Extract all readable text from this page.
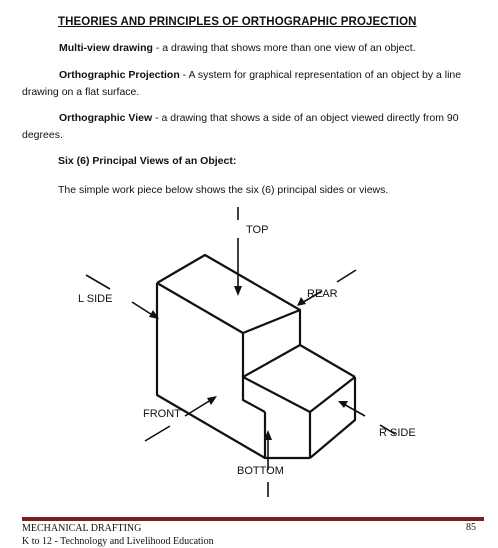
THEORIES AND PRINCIPLES OF ORTHOGRAPHIC PROJECTION
Multi-view drawing - a drawing that shows more than one view of an object.
Orthographic Projection - A system for graphical representation of an object by a line drawing on a flat surface.
Orthographic View - a drawing that shows a side of an object viewed directly from 90 degrees.
Six (6) Principal Views of an Object:
The simple work piece below shows the six (6) principal sides or views.
TOP
REAR
L SIDE
FRONT
R SIDE
BOTTOM
MECHANICAL DRAFTING
K to 12 - Technology and Livelihood Education
85
